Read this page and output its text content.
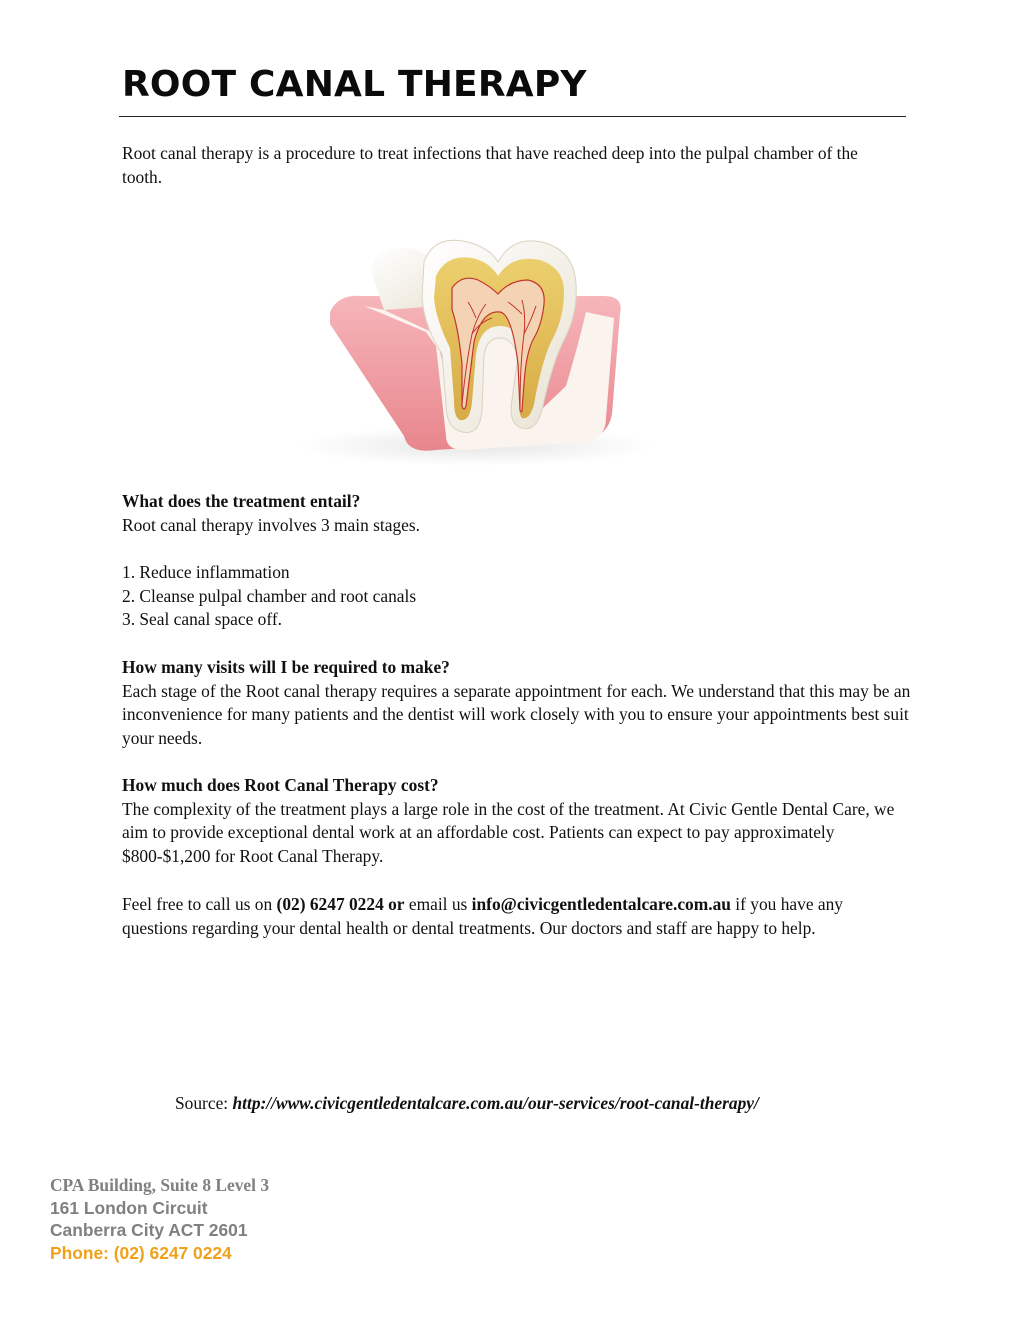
ROOT CANAL THERAPY

Root canal therapy is a procedure to treat infections that have reached deep into the pulpal chamber of the tooth.

What does the treatment entail?
Root canal therapy involves 3 main stages.
1. Reduce inflammation
2. Cleanse pulpal chamber and root canals
3. Seal canal space off.
How many visits will I be required to make?
Each stage of the Root canal therapy requires a separate appointment for each. We understand that this may be an inconvenience for many patients and the dentist will work closely with you to ensure your appointments best suit your needs.
How much does Root Canal Therapy cost?
The complexity of the treatment plays a large role in the cost of the treatment. At Civic Gentle Dental Care, we aim to provide exceptional dental work at an affordable cost. Patients can expect to pay approximately $800-$1,200 for Root Canal Therapy.

Feel free to call us on (02) 6247 0224 or email us info@civicgentledentalcare.com.au if you have any questions regarding your dental health or dental treatments. Our doctors and staff are happy to help.

Source: http://www.civicgentledentalcare.com.au/our-services/root-canal-therapy/
CPA Building, Suite 8 Level 3
161 London Circuit
Canberra City ACT 2601
Phone: (02) 6247 0224
